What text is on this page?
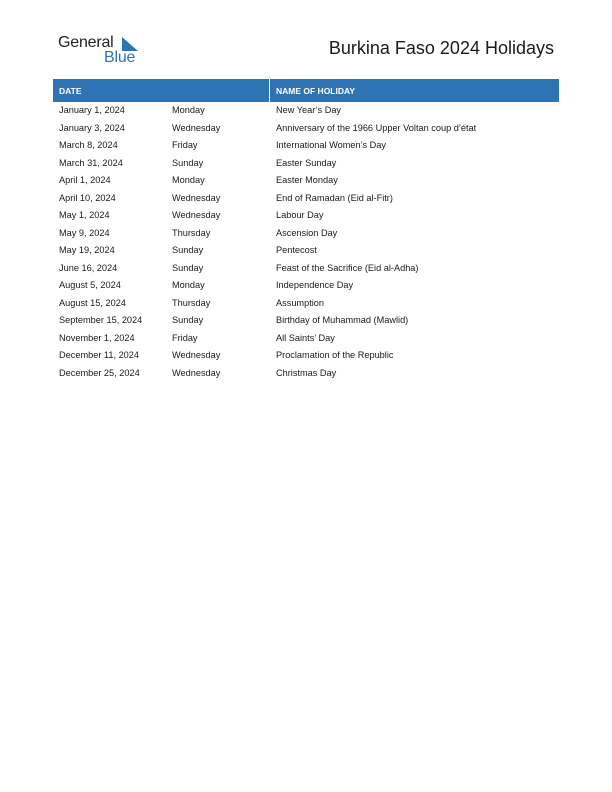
General
Blue	Burkina Faso 2024 Holidays
DATE	NAME OF HOLIDAY
January 1, 2024	Monday	New Year’s Day
January 3, 2024	Wednesday	Anniversary of the 1966 Upper Voltan coup d’état
March 8, 2024	Friday	International Women’s Day
March 31, 2024	Sunday	Easter Sunday
April 1, 2024	Monday	Easter Monday
April 10, 2024	Wednesday	End of Ramadan (Eid al-Fitr)
May 1, 2024	Wednesday	Labour Day
May 9, 2024	Thursday	Ascension Day
May 19, 2024	Sunday	Pentecost
June 16, 2024	Sunday	Feast of the Sacrifice (Eid al-Adha)
August 5, 2024	Monday	Independence Day
August 15, 2024	Thursday	Assumption
September 15, 2024	Sunday	Birthday of Muhammad (Mawlid)
November 1, 2024	Friday	All Saints’ Day
December 11, 2024	Wednesday	Proclamation of the Republic
December 25, 2024	Wednesday	Christmas Day
